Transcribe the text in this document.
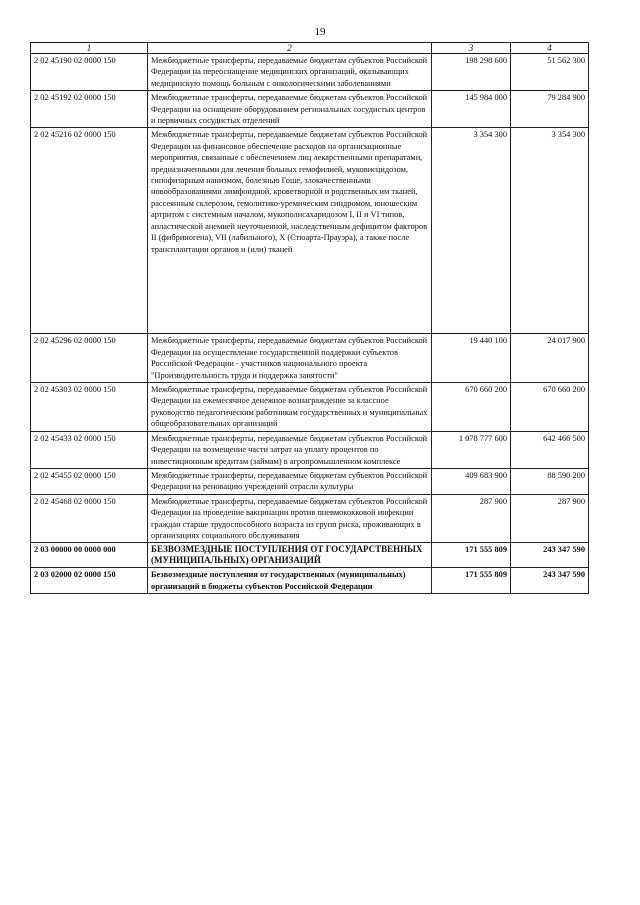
19
1	2	3	4
2 02 45190 02 0000 150	Межбюджетные трансферты, передаваемые бюджетам субъектов Российской Федерации на переоснащение медицинских организаций, оказывающих медицинскую помощь больным с онкологическими заболеваниями	198 298 600	51 562 300
2 02 45192 02 0000 150	Межбюджетные трансферты, передаваемые бюджетам субъектов Российской Федерации на оснащение оборудованием региональных сосудистых центров и первичных сосудистых отделений	145 984 000	79 284 900
2 02 45216 02 0000 150	Межбюджетные трансферты, передаваемые бюджетам субъектов Российской Федерации на финансовое обеспечение расходов на организационные мероприятия, связанные с обеспечением лиц лекарственными препаратами, предназначенными для лечения больных гемофилией, муковисцидозом, гипофизарным нанизмом, болезнью Гоше, злокачественными новообразованиями лимфоидной, кроветворной и родственных им тканей, рассеянным склерозом, гемолитико-уремическим синдромом, юношеским артритом с системным началом, мукополисахаридозом I, II и VI типов, апластической анемией неуточненной, наследственным дефицитом факторов II (фибриногена), VII (лабильного), X (Стюарта-Прауэра), а также после трансплантации органов и (или) тканей	3 354 300	3 354 300
2 02 45296 02 0000 150	Межбюджетные трансферты, передаваемые бюджетам субъектов Российской Федерации на осуществление государственной поддержки субъектов Российской Федерации - участников национального проекта "Производительность труда и поддержка занятости"	19 440 100	24 017 900
2 02 45303 02 0000 150	Межбюджетные трансферты, передаваемые бюджетам субъектов Российской Федерации на ежемесячное денежное вознаграждение за классное руководство педагогическим работникам государственных и муниципальных общеобразовательных организаций	670 660 200	670 660 200
2 02 45433 02 0000 150	Межбюджетные трансферты, передаваемые бюджетам субъектов Российской Федерации на возмещение части затрат на уплату процентов по инвестиционным кредитам (займам) в агропромышленном комплексе	1 078 777 600	642 466 500
2 02 45455 02 0000 150	Межбюджетные трансферты, передаваемые бюджетам субъектов Российской Федерации на реновацию учреждений отрасли культуры	409 683 900	88 590 200
2 02 45468 02 0000 150	Межбюджетные трансферты, передаваемые бюджетам субъектов Российской Федерации на проведение вакцинации против пневмококковой инфекции граждан старше трудоспособного возраста из групп риска, проживающих в организациях социального обслуживания	287 900	287 900
2 03 00000 00 0000 000	БЕЗВОЗМЕЗДНЫЕ ПОСТУПЛЕНИЯ ОТ ГОСУДАРСТВЕННЫХ (МУНИЦИПАЛЬНЫХ) ОРГАНИЗАЦИЙ	171 555 809	243 347 590
2 03 02000 02 0000 150	Безвозмездные поступления от государственных (муниципальных) организаций в бюджеты субъектов Российской Федерации	171 555 809	243 347 590
